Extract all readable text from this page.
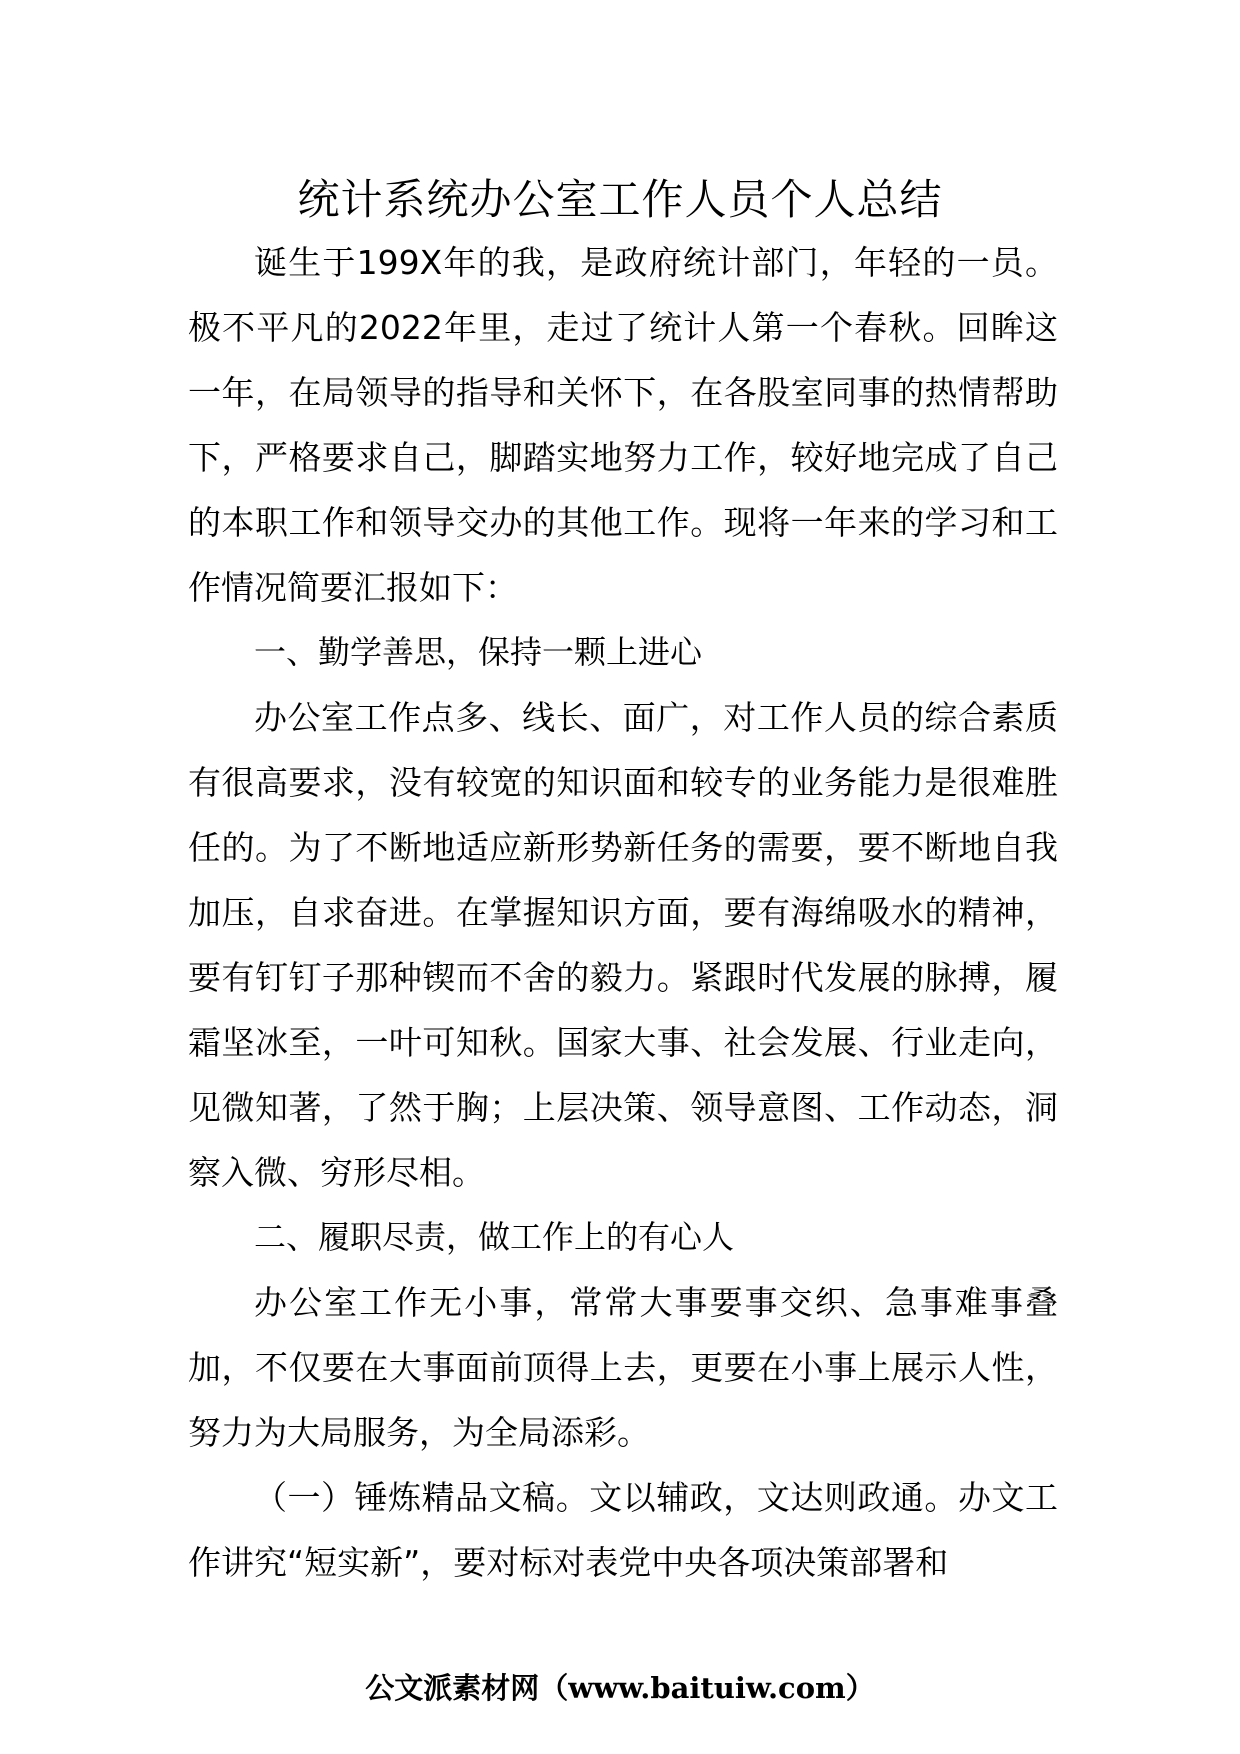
统计系统办公室工作人员个人总结

诞生于199X年的我，是政府统计部门，年轻的一员。极不平凡的2022年里，走过了统计人第一个春秋。回眸这一年，在局领导的指导和关怀下，在各股室同事的热情帮助下，严格要求自己，脚踏实地努力工作，较好地完成了自己的本职工作和领导交办的其他工作。现将一年来的学习和工作情况简要汇报如下：

一、勤学善思，保持一颗上进心

办公室工作点多、线长、面广，对工作人员的综合素质有很高要求，没有较宽的知识面和较专的业务能力是很难胜任的。为了不断地适应新形势新任务的需要，要不断地自我加压，自求奋进。在掌握知识方面，要有海绵吸水的精神，要有钉钉子那种锲而不舍的毅力。紧跟时代发展的脉搏，履霜坚冰至，一叶可知秋。国家大事、社会发展、行业走向，见微知著，了然于胸；上层决策、领导意图、工作动态，洞察入微、穷形尽相。

二、履职尽责，做工作上的有心人

办公室工作无小事，常常大事要事交织、急事难事叠加，不仅要在大事面前顶得上去，更要在小事上展示人性，努力为大局服务，为全局添彩。

（一）锤炼精品文稿。文以辅政，文达则政通。办文工作讲究“短实新”，要对标对表党中央各项决策部署和

公文派素材网（www.baituiw.com）
